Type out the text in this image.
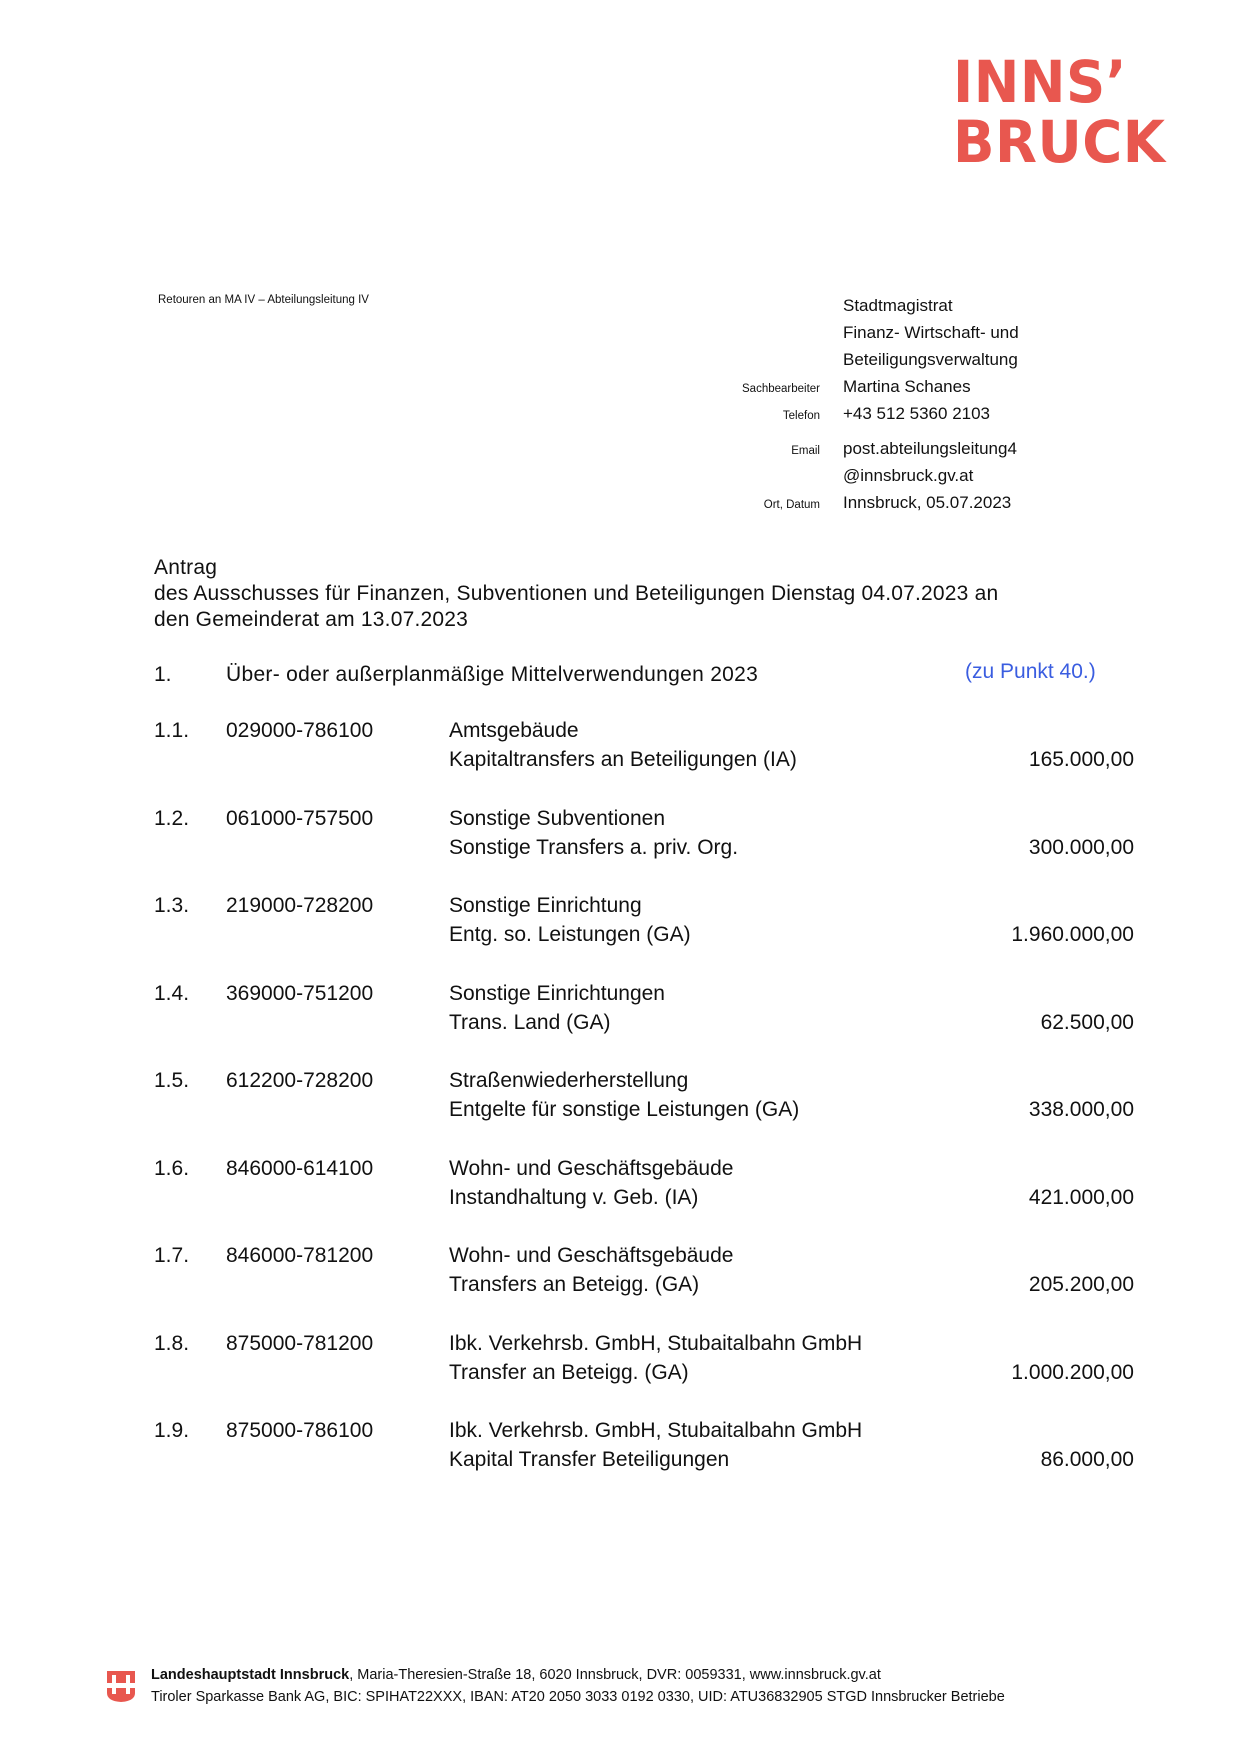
INNS’
BRUCK
Retouren an MA IV – Abteilungsleitung IV	Stadtmagistrat
Finanz- Wirtschaft- und
Beteiligungsverwaltung
Sachbearbeiter Martina Schanes
Telefon +43 512 5360 2103
Email post.abteilungsleitung4
@innsbruck.gv.at
Ort, Datum Innsbruck, 05.07.2023
Antrag
des Ausschusses für Finanzen, Subventionen und Beteiligungen Dienstag 04.07.2023 an
den Gemeinderat am 13.07.2023
1.	Über- oder außerplanmäßige Mittelverwendungen 2023	(zu Punkt 40.)
1.1. 029000-786100	Amtsgebäude
Kapitaltransfers an Beteiligungen (IA)	165.000,00
1.2. 061000-757500	Sonstige Subventionen
Sonstige Transfers a. priv. Org.	300.000,00
1.3. 219000-728200	Sonstige Einrichtung
Entg. so. Leistungen (GA)	1.960.000,00
1.4. 369000-751200	Sonstige Einrichtungen
Trans. Land (GA)	62.500,00
1.5. 612200-728200	Straßenwiederherstellung
Entgelte für sonstige Leistungen (GA)	338.000,00
1.6. 846000-614100	Wohn- und Geschäftsgebäude
Instandhaltung v. Geb. (IA)	421.000,00
1.7. 846000-781200	Wohn- und Geschäftsgebäude
Transfers an Beteigg. (GA)	205.200,00
1.8. 875000-781200	Ibk. Verkehrsb. GmbH, Stubaitalbahn GmbH
Transfer an Beteigg. (GA)	1.000.200,00
1.9. 875000-786100	Ibk. Verkehrsb. GmbH, Stubaitalbahn GmbH
Kapital Transfer Beteiligungen	86.000,00
Landeshauptstadt Innsbruck, Maria-Theresien-Straße 18, 6020 Innsbruck, DVR: 0059331, www.innsbruck.gv.at
Tiroler Sparkasse Bank AG, BIC: SPIHAT22XXX, IBAN: AT20 2050 3033 0192 0330, UID: ATU36832905 STGD Innsbrucker Betriebe
